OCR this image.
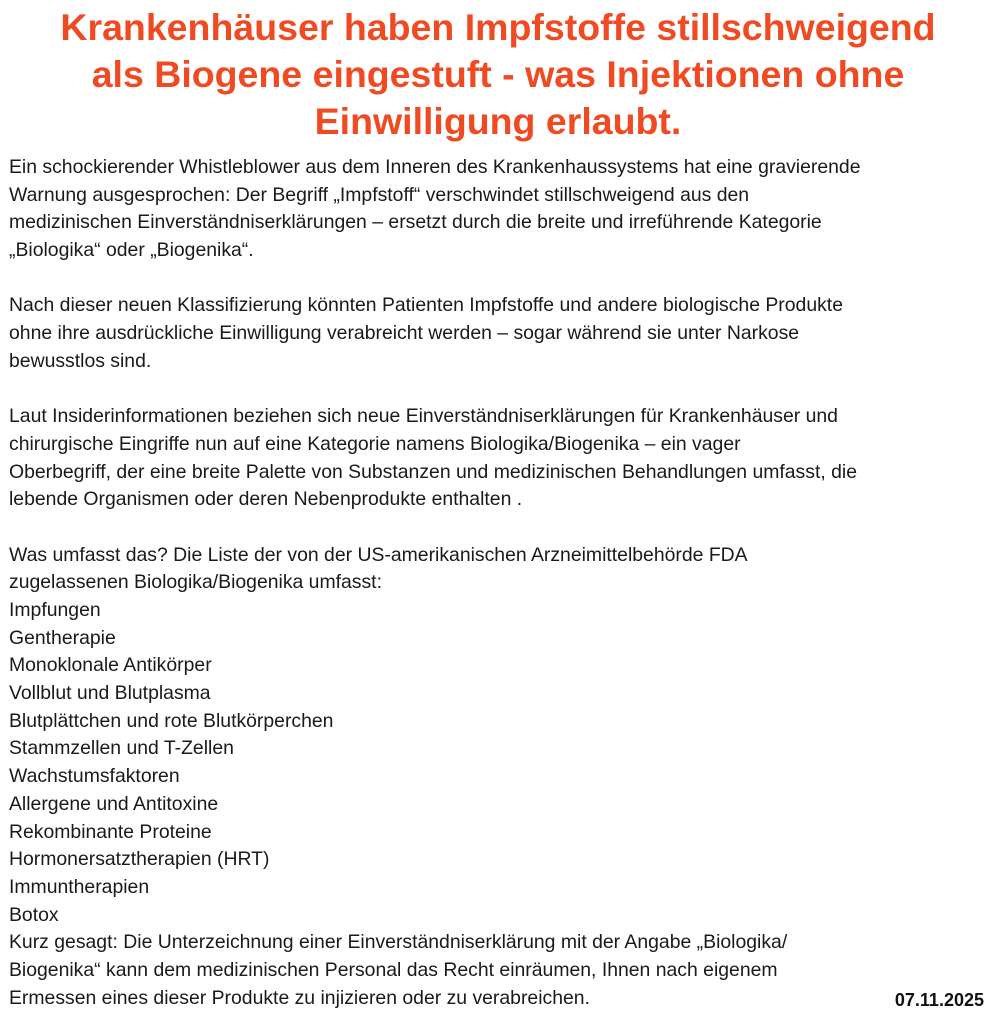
Krankenhäuser haben Impfstoffe stillschweigend
als Biogene eingestuft - was Injektionen ohne
Einwilligung erlaubt.
Ein schockierender Whistleblower aus dem Inneren des Krankenhaussystems hat eine gravierende
Warnung ausgesprochen: Der Begriff „Impfstoff“ verschwindet stillschweigend aus den
medizinischen Einverständniserklärungen – ersetzt durch die breite und irreführende Kategorie
„Biologika“ oder „Biogenika“.
Nach dieser neuen Klassifizierung könnten Patienten Impfstoffe und andere biologische Produkte
ohne ihre ausdrückliche Einwilligung verabreicht werden – sogar während sie unter Narkose
bewusstlos sind.
Laut Insiderinformationen beziehen sich neue Einverständniserklärungen für Krankenhäuser und
chirurgische Eingriffe nun auf eine Kategorie namens Biologika/Biogenika – ein vager
Oberbegriff, der eine breite Palette von Substanzen und medizinischen Behandlungen umfasst, die
lebende Organismen oder deren Nebenprodukte enthalten .
Was umfasst das? Die Liste der von der US-amerikanischen Arzneimittelbehörde FDA
zugelassenen Biologika/Biogenika umfasst:
Impfungen
Gentherapie
Monoklonale Antikörper
Vollblut und Blutplasma
Blutplättchen und rote Blutkörperchen
Stammzellen und T-Zellen
Wachstumsfaktoren
Allergene und Antitoxine
Rekombinante Proteine
Hormonersatztherapien (HRT)
Immuntherapien
Botox
Kurz gesagt: Die Unterzeichnung einer Einverständniserklärung mit der Angabe „Biologika/
Biogenika“ kann dem medizinischen Personal das Recht einräumen, Ihnen nach eigenem
Ermessen eines dieser Produkte zu injizieren oder zu verabreichen.	07.11.2025
